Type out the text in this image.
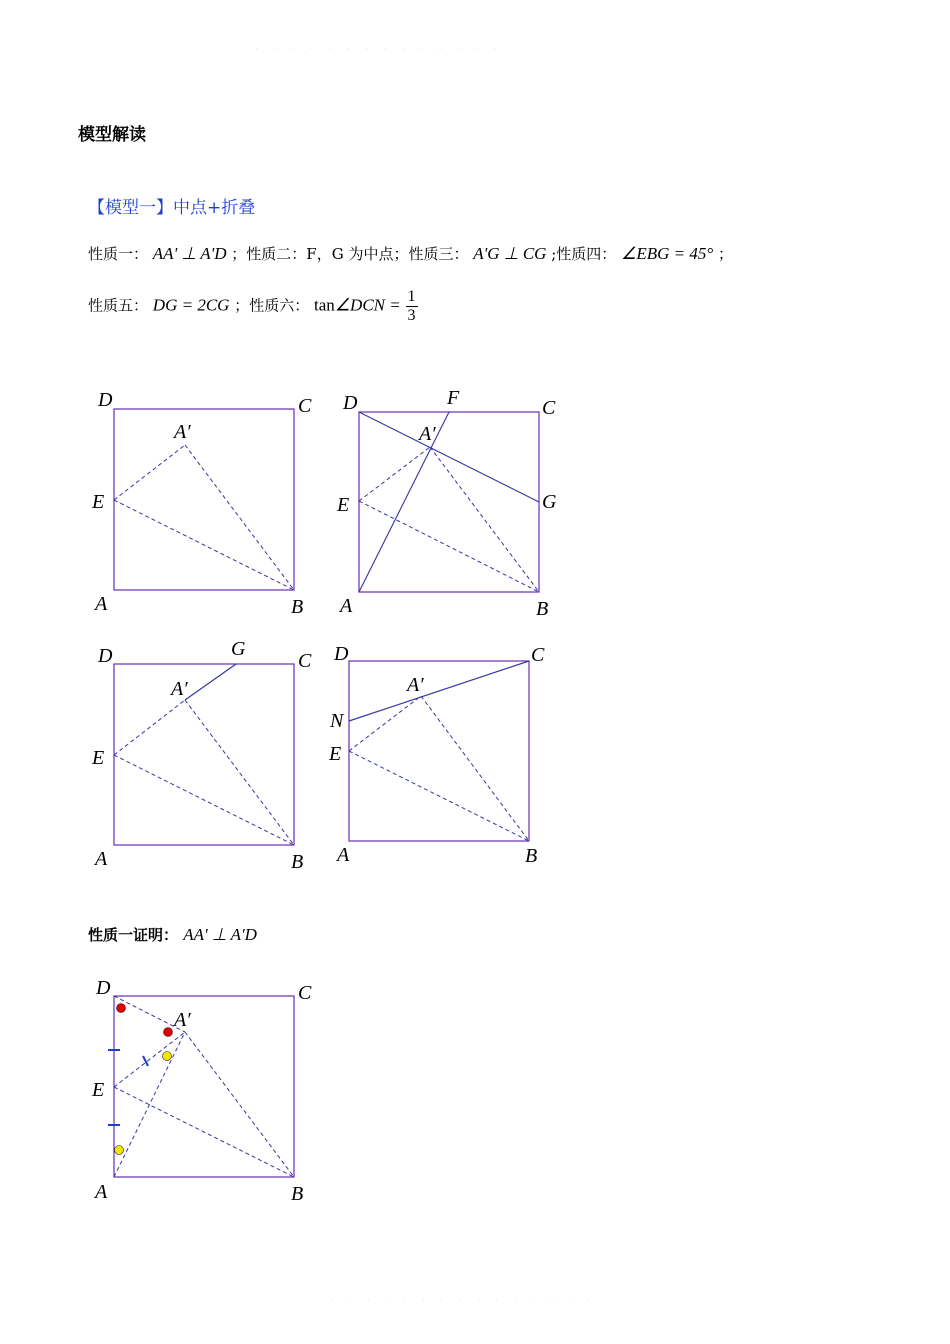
· · · · · · · · · · · · · ·
模型解读
【模型一】中点+折叠
性质一： AA' ⊥ A'D ；性质二：F，G 为中点；性质三： A'G ⊥ CG ;性质四： ∠EBG = 45° ；
性质五： DG = 2CG ；性质六： tan∠DCN = $\frac{1}{3}$
D	C
A′
E
A	B
D	F	C
A′
E	G
A	B
D	G
C
A′
E
A	B
D	C
A′
N
E
A	B
性质一证明： AA' ⊥ A'D
D	C
A′
E
A	B
· · · · · · · · · · · · · · ·
